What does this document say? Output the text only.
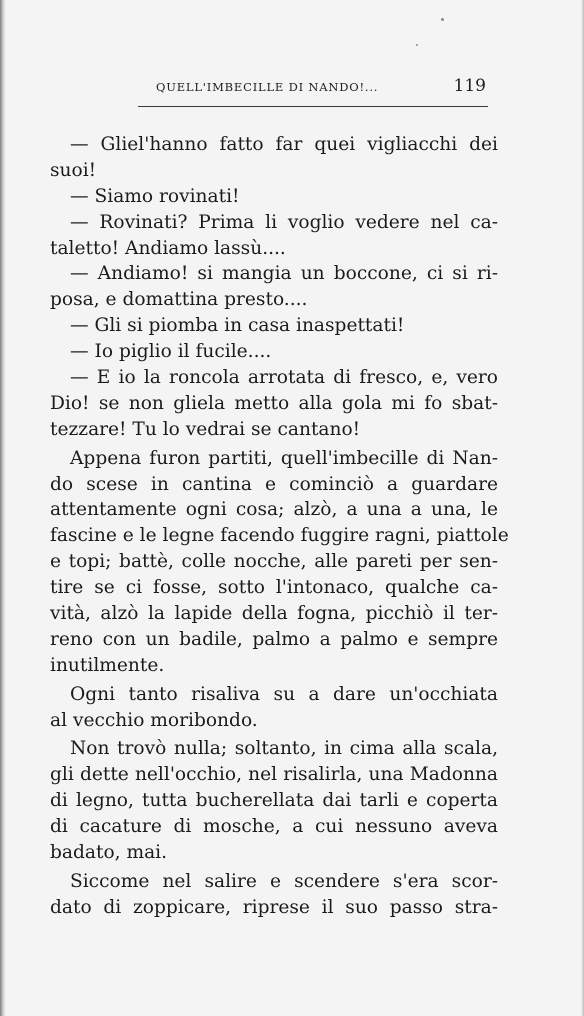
QUELL'IMBECILLE DI NANDO!...	119
— Gliel'hanno fatto far quei vigliacchi dei
suoi!
— Siamo rovinati!
— Rovinati? Prima li voglio vedere nel ca-
taletto! Andiamo lassù....
— Andiamo! si mangia un boccone, ci si ri-
posa, e domattina presto....
— Gli si piomba in casa inaspettati!
— Io piglio il fucile....
— E io la roncola arrotata di fresco, e, vero
Dio! se non gliela metto alla gola mi fo sbat-
tezzare! Tu lo vedrai se cantano!
Appena furon partiti, quell'imbecille di Nan-
do scese in cantina e cominciò a guardare
attentamente ogni cosa; alzò, a una a una, le
fascine e le legne facendo fuggire ragni, piattole
e topi; battè, colle nocche, alle pareti per sen-
tire se ci fosse, sotto l'intonaco, qualche ca-
vità, alzò la lapide della fogna, picchiò il ter-
reno con un badile, palmo a palmo e sempre
inutilmente.
Ogni tanto risaliva su a dare un'occhiata
al vecchio moribondo.
Non trovò nulla; soltanto, in cima alla scala,
gli dette nell'occhio, nel risalirla, una Madonna
di legno, tutta bucherellata dai tarli e coperta
di cacature di mosche, a cui nessuno aveva
badato, mai.
Siccome nel salire e scendere s'era scor-
dato di zoppicare, riprese il suo passo stra-
